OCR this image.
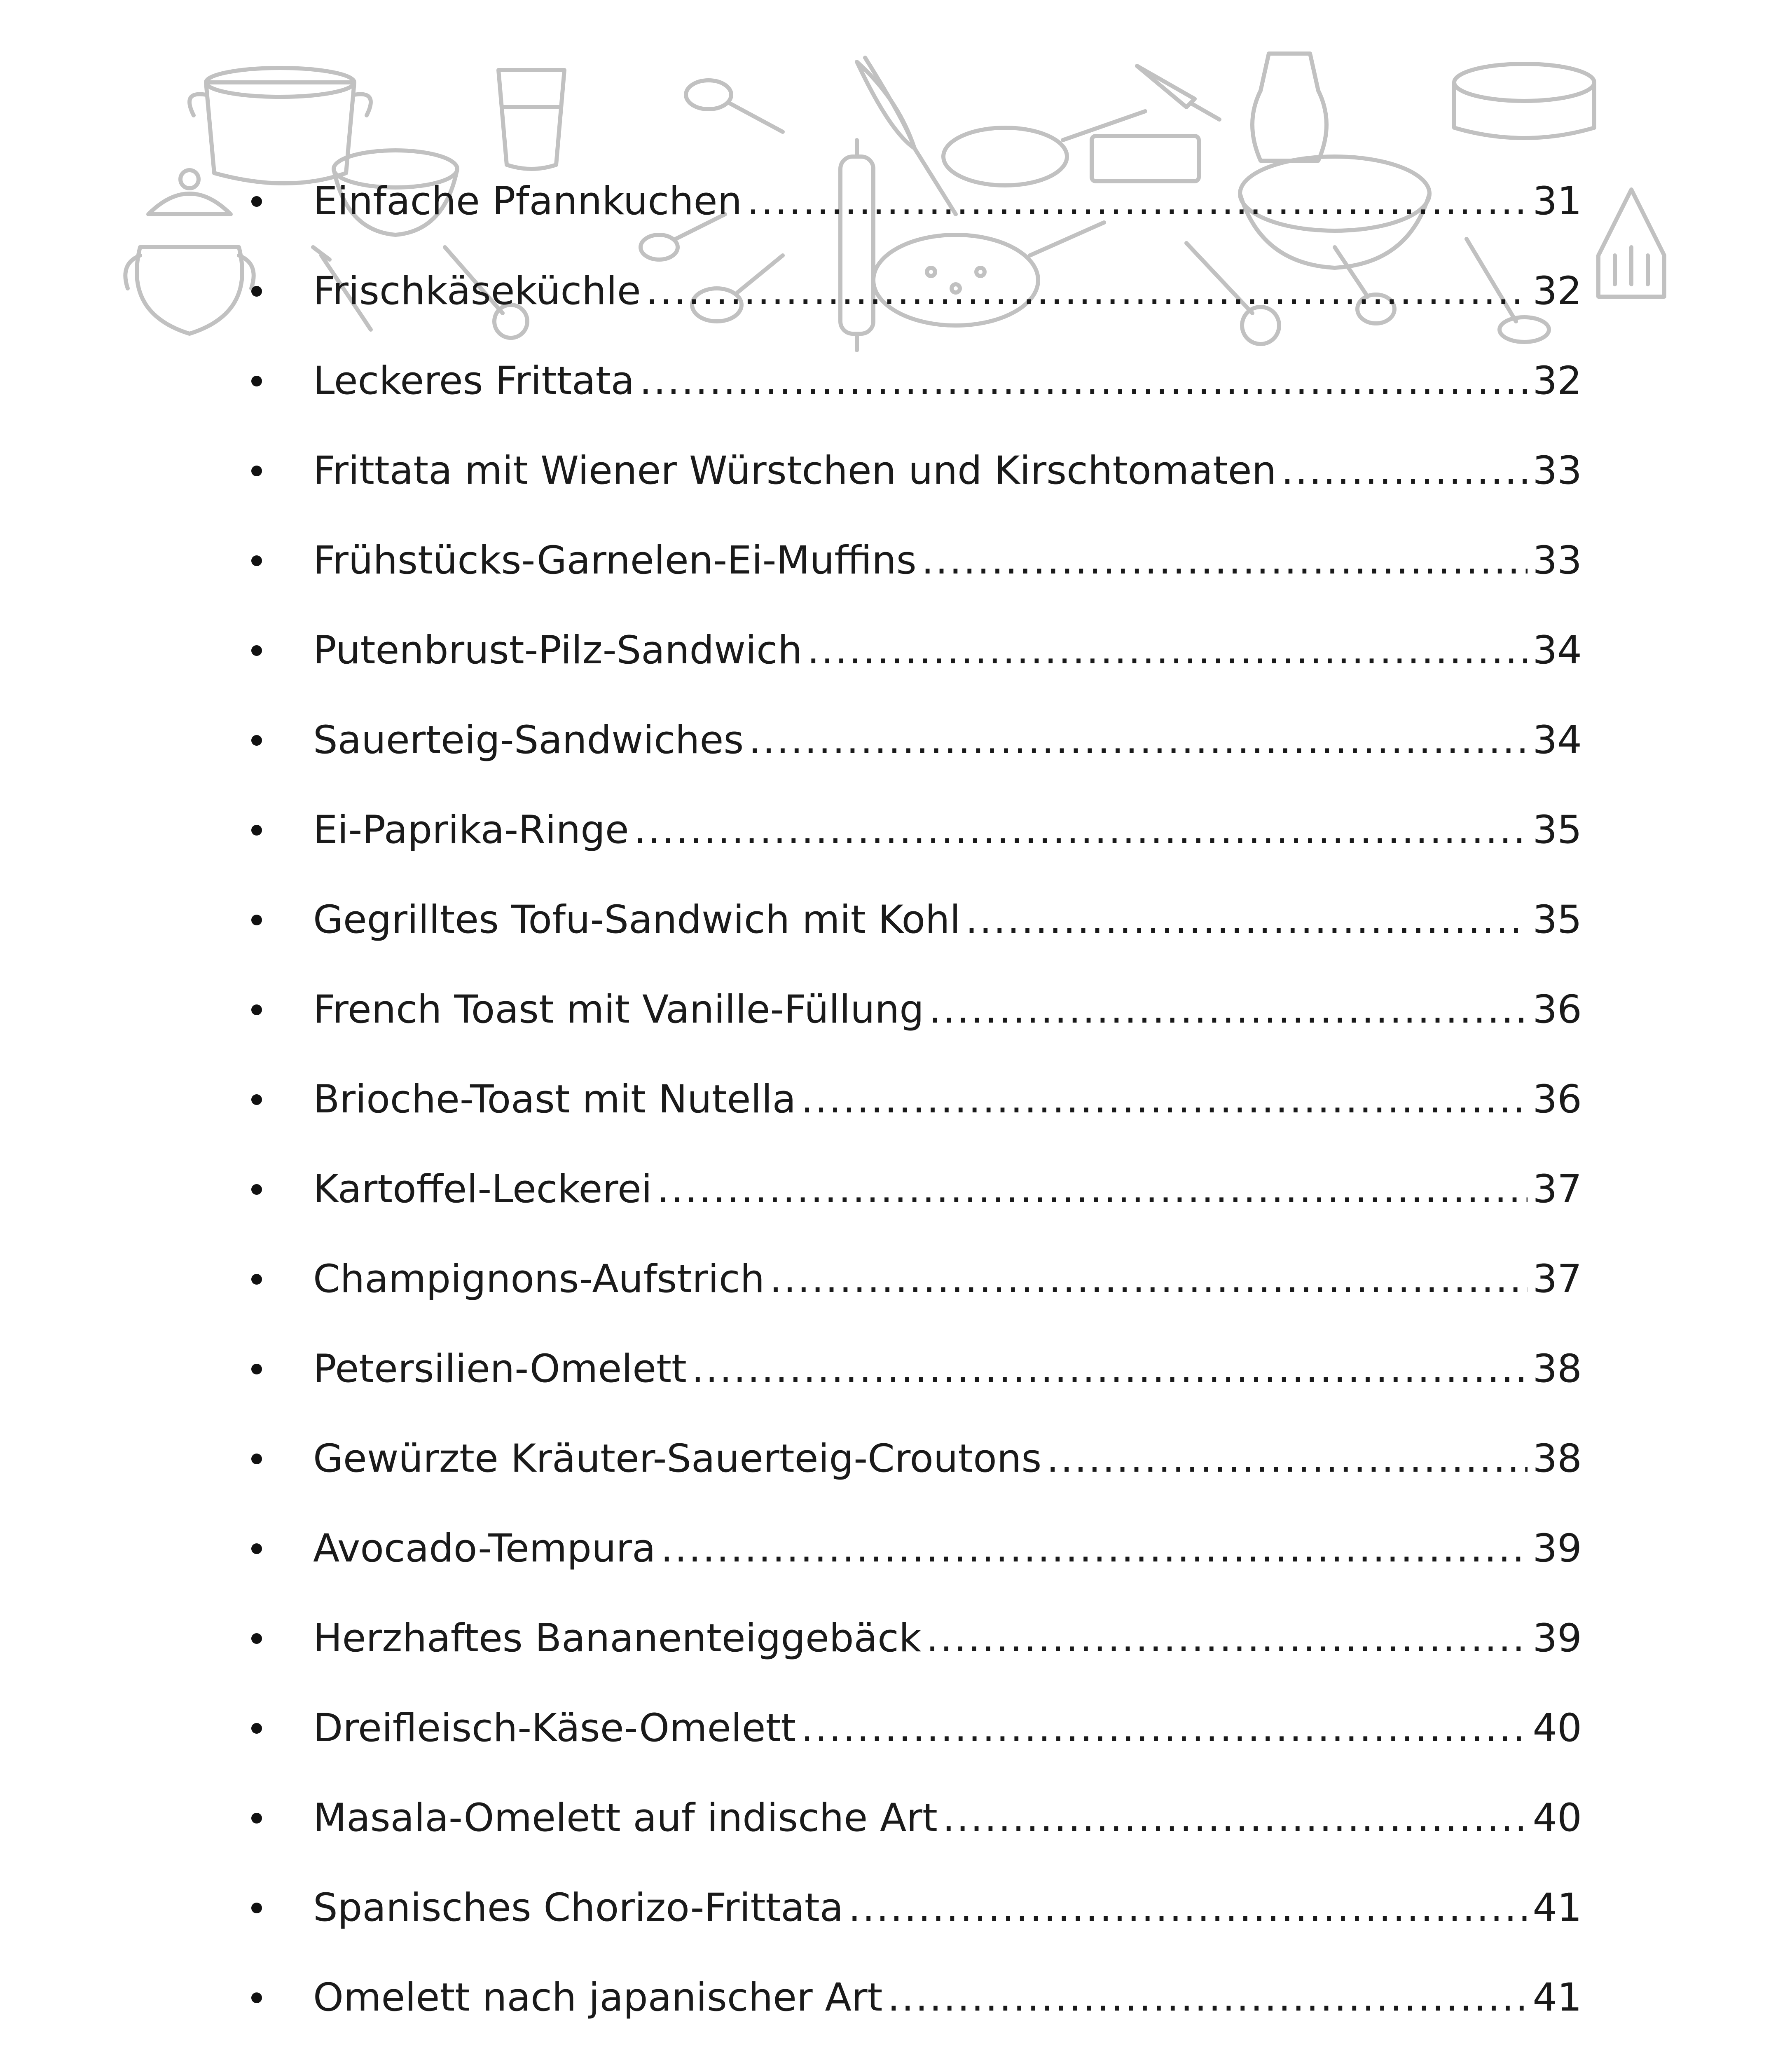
Einfache Pfannkuchen .....	31
Frischkäseküchle .....	32
Leckeres Frittata .....	32
Frittata mit Wiener Würstchen und Kirschtomaten .....	33
Frühstücks-Garnelen-Ei-Muffins .....	33
Putenbrust-Pilz-Sandwich .....	34
Sauerteig-Sandwiches .....	34
Ei-Paprika-Ringe .....	35
Gegrilltes Tofu-Sandwich mit Kohl .....	35
French Toast mit Vanille-Füllung .....	36
Brioche-Toast mit Nutella .....	36
Kartoffel-Leckerei .....	37
Champignons-Aufstrich .....	37
Petersilien-Omelett .....	38
Gewürzte Kräuter-Sauerteig-Croutons .....	38
Avocado-Tempura .....	39
Herzhaftes Bananenteiggebäck .....	39
Dreifleisch-Käse-Omelett .....	40
Masala-Omelett auf indische Art .....	40
Spanisches Chorizo-Frittata .....	41
Omelett nach japanischer Art .....	41
